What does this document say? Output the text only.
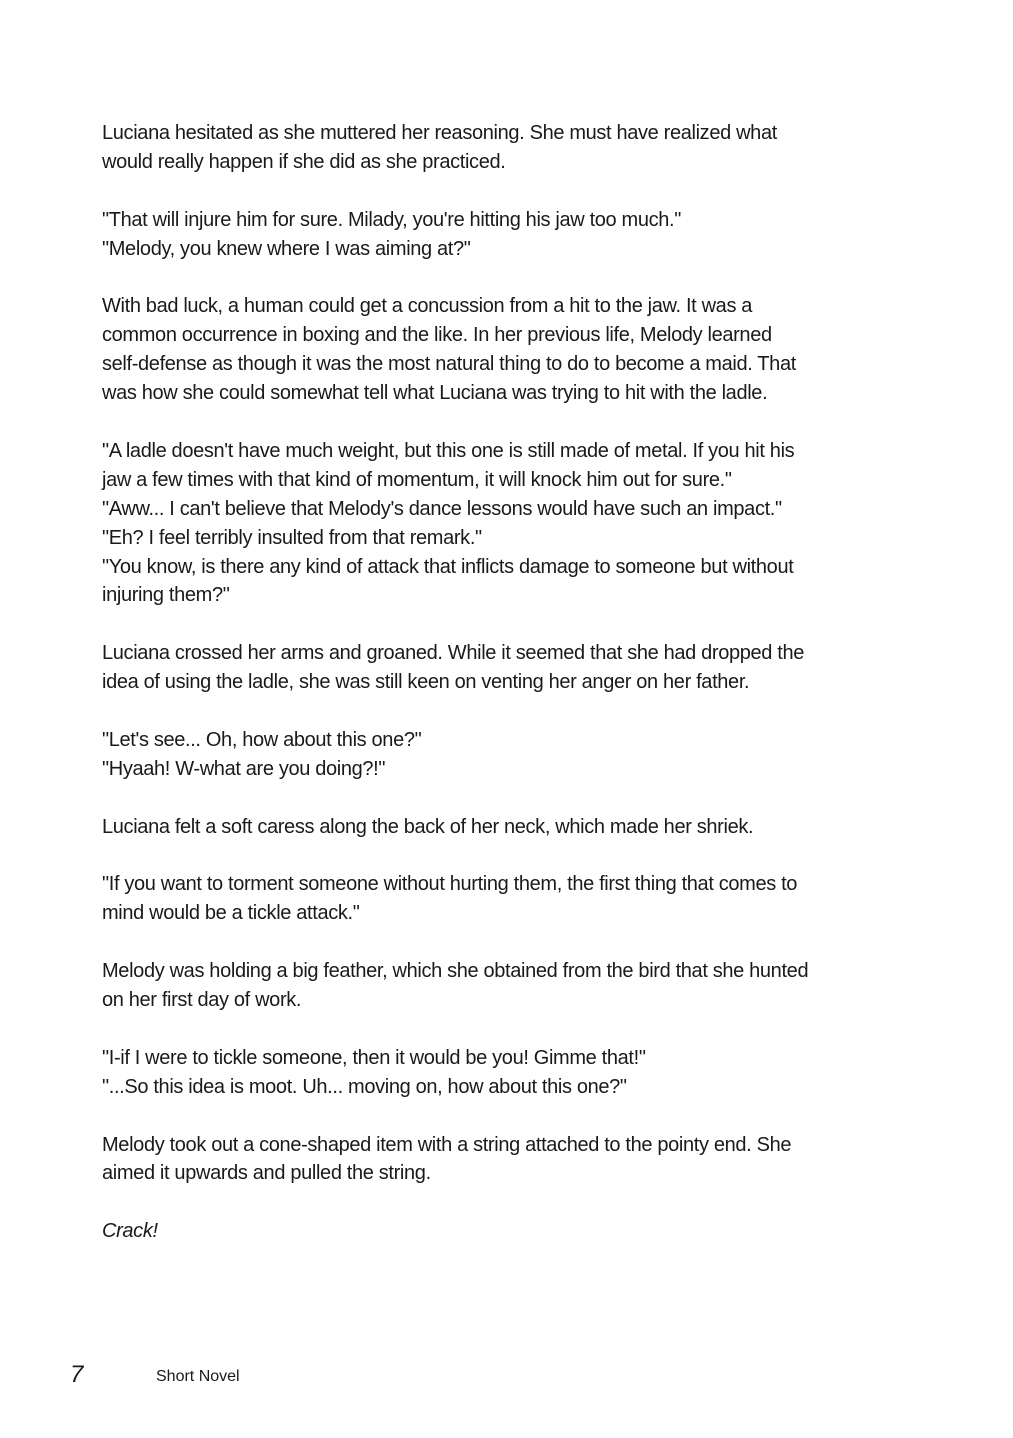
Luciana hesitated as she muttered her reasoning. She must have realized what
would really happen if she did as she practiced.

"That will injure him for sure. Milady, you're hitting his jaw too much."
"Melody, you knew where I was aiming at?"

With bad luck, a human could get a concussion from a hit to the jaw. It was a
common occurrence in boxing and the like. In her previous life, Melody learned
self-defense as though it was the most natural thing to do to become a maid. That
was how she could somewhat tell what Luciana was trying to hit with the ladle.

"A ladle doesn't have much weight, but this one is still made of metal. If you hit his
jaw a few times with that kind of momentum, it will knock him out for sure."
"Aww... I can't believe that Melody's dance lessons would have such an impact."
"Eh? I feel terribly insulted from that remark."
"You know, is there any kind of attack that inflicts damage to someone but without
injuring them?"

Luciana crossed her arms and groaned. While it seemed that she had dropped the
idea of using the ladle, she was still keen on venting her anger on her father.

"Let's see... Oh, how about this one?"
"Hyaah! W-what are you doing?!"

Luciana felt a soft caress along the back of her neck, which made her shriek.

"If you want to torment someone without hurting them, the first thing that comes to
mind would be a tickle attack."

Melody was holding a big feather, which she obtained from the bird that she hunted
on her first day of work.

"I-if I were to tickle someone, then it would be you! Gimme that!"
"...So this idea is moot. Uh... moving on, how about this one?"

Melody took out a cone-shaped item with a string attached to the pointy end. She
aimed it upwards and pulled the string.

Crack!

7	Short Novel
